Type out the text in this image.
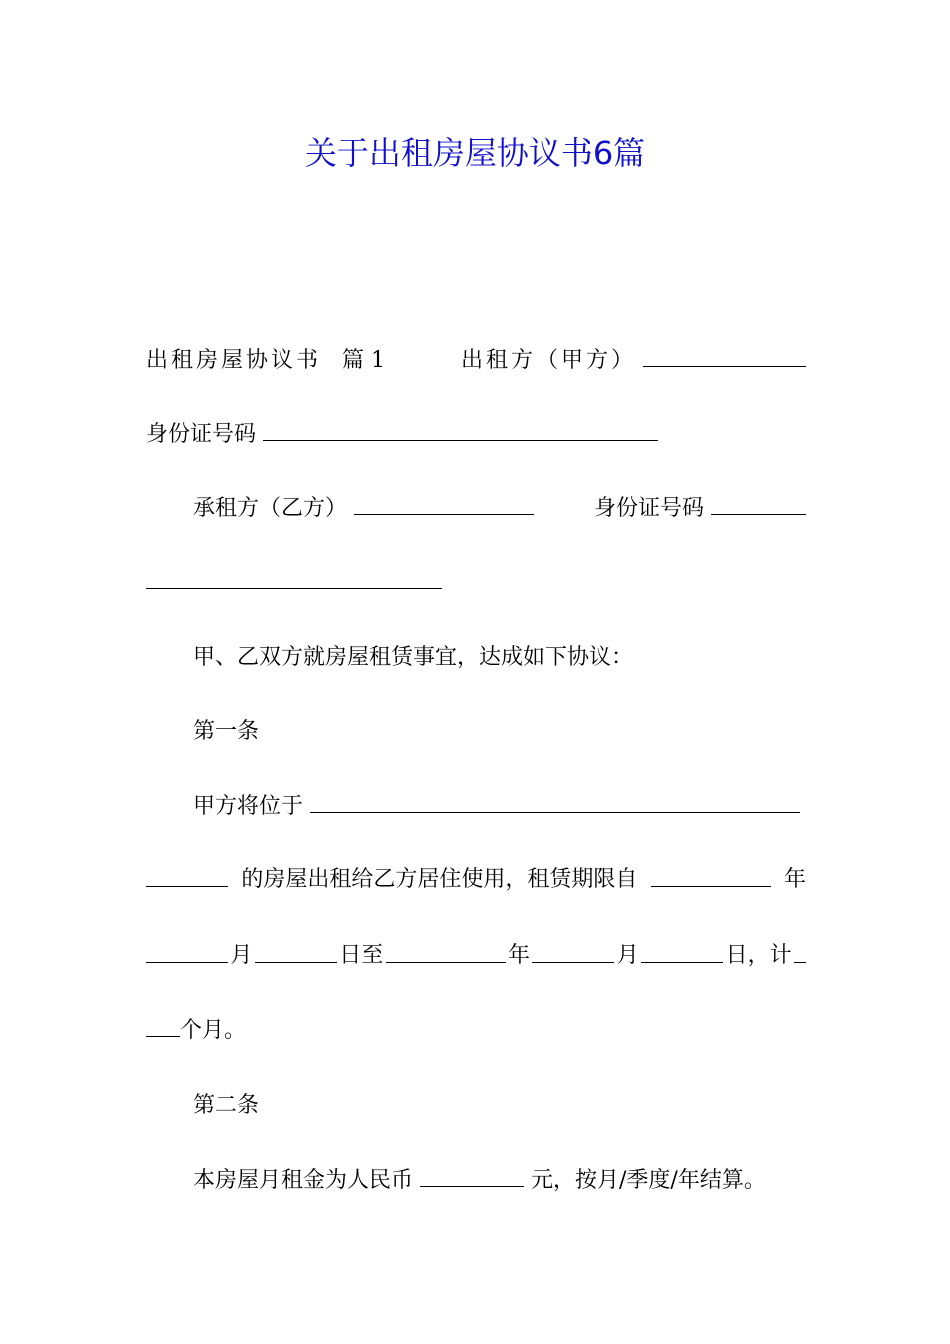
关于出租房屋协议书6篇
出租房屋协议书 篇 1	出租方（甲方）
身份证号码
承租方（乙方）	身份证号码
甲、乙双方就房屋租赁事宜，达成如下协议：
第一条
甲方将位于
的房屋出租给乙方居住使用，租赁期限自	年
月	日至	年	月	日，计
个月。
第二条
本房屋月租金为人民币	元，按月/季度/年结算。
